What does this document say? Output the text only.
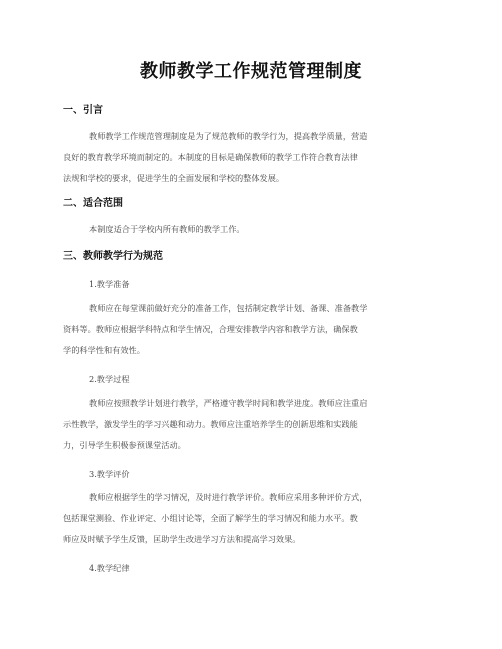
教师教学工作规范管理制度
一、引言
教师教学工作规范管理制度是为了规范教师的教学行为，提高教学质量，营造
良好的教育教学环境而制定的。本制度的目标是确保教师的教学工作符合教育法律
法规和学校的要求，促进学生的全面发展和学校的整体发展。
二、适合范围
本制度适合于学校内所有教师的教学工作。
三、教师教学行为规范
1.教学准备
教师应在每堂课前做好充分的准备工作，包括制定教学计划、备课、准备教学
资料等。教师应根据学科特点和学生情况，合理安排教学内容和教学方法，确保教
学的科学性和有效性。
2.教学过程
教师应按照教学计划进行教学，严格遵守教学时间和教学进度。教师应注重启
示性教学，激发学生的学习兴趣和动力。教师应注重培养学生的创新思维和实践能
力，引导学生积极参预课堂活动。
3.教学评价
教师应根据学生的学习情况，及时进行教学评价。教师应采用多种评价方式，
包括课堂测验、作业评定、小组讨论等，全面了解学生的学习情况和能力水平。教
师应及时赋予学生反馈，匡助学生改进学习方法和提高学习效果。
4.教学纪律
